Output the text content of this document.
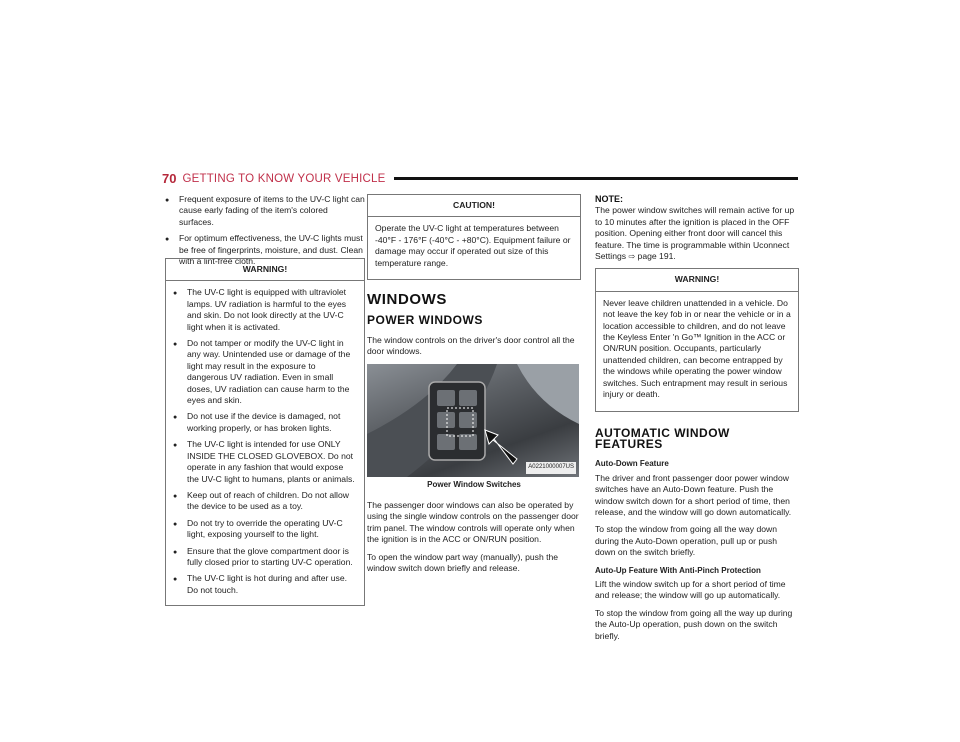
70 GETTING TO KNOW YOUR VEHICLE
●	Frequent exposure of items to the UV-C light can cause early fading of the item's colored surfaces.
●	For optimum effectiveness, the UV-C lights must be free of fingerprints, moisture, and dust. Clean with a lint-free cloth.
WARNING!
●	The UV-C light is equipped with ultraviolet lamps. UV radiation is harmful to the eyes and skin. Do not look directly at the UV-C light when it is activated.
●	Do not tamper or modify the UV-C light in any way. Unintended use or damage of the light may result in the exposure to dangerous UV radiation. Even in small doses, UV radiation can cause harm to the eyes and skin.
●	Do not use if the device is damaged, not working properly, or has broken lights.
●	The UV-C light is intended for use ONLY INSIDE THE CLOSED GLOVEBOX. Do not operate in any fashion that would expose the UV-C light to humans, plants or animals.
●	Keep out of reach of children. Do not allow the device to be used as a toy.
●	Do not try to override the operating UV-C light, exposing yourself to the light.
●	Ensure that the glove compartment door is fully closed prior to starting UV-C operation.
●	The UV-C light is hot during and after use. Do not touch.
CAUTION!

Operate the UV-C light at temperatures between -40°F - 176°F (-40°C - +80°C). Equipment failure or damage may occur if operated out size of this temperature range.

WINDOWS
POWER WINDOWS

The window controls on the driver's door control all the door windows.

A0221000007US
Power Window Switches

The passenger door windows can also be operated by using the single window controls on the passenger door trim panel. The window controls will operate only when the ignition is in the ACC or ON/RUN position.

To open the window part way (manually), push the window switch down briefly and release.

NOTE:

The power window switches will remain active for up to 10 minutes after the ignition is placed in the OFF position. Opening either front door will cancel this feature. The time is programmable within Uconnect Settings ⇨ page 191.

WARNING!

Never leave children unattended in a vehicle. Do not leave the key fob in or near the vehicle or in a location accessible to children, and do not leave the Keyless Enter 'n Go™ Ignition in the ACC or ON/RUN position. Occupants, particularly unattended children, can become entrapped by the windows while operating the power window switches. Such entrapment may result in serious injury or death.

AUTOMATIC WINDOW FEATURES

Auto-Down Feature

The driver and front passenger door power window switches have an Auto-Down feature. Push the window switch down for a short period of time, then release, and the window will go down automatically.

To stop the window from going all the way down during the Auto-Down operation, pull up or push down on the switch briefly.

Auto-Up Feature With Anti-Pinch Protection

Lift the window switch up for a short period of time and release; the window will go up automatically.

To stop the window from going all the way up during the Auto-Up operation, push down on the switch briefly.
